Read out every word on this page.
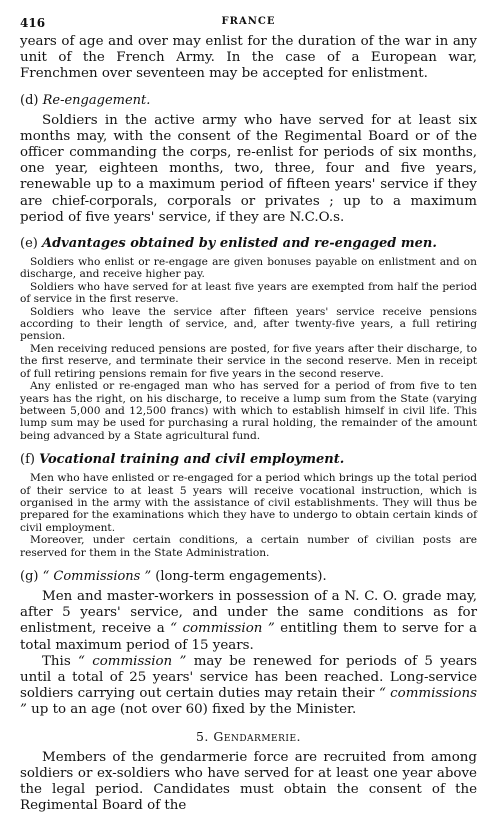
416	FRANCE

years of age and over may enlist for the duration of the war in any unit of the French Army. In the case of a European war, Frenchmen over seventeen may be accepted for enlistment.

(d) Re-engagement.

Soldiers in the active army who have served for at least six months may, with the consent of the Regimental Board or of the officer commanding the corps, re-enlist for periods of six months, one year, eighteen months, two, three, four and five years, renewable up to a maximum period of fifteen years' service if they are chief-corporals, corporals or privates ; up to a maximum period of five years' service, if they are N.C.O.s.

(e) Advantages obtained by enlisted and re-engaged men.

Soldiers who enlist or re-engage are given bonuses payable on enlistment and on discharge, and receive higher pay.

Soldiers who have served for at least five years are exempted from half the period of service in the first reserve.

Soldiers who leave the service after fifteen years' service receive pensions according to their length of service, and, after twenty-five years, a full retiring pension.

Men receiving reduced pensions are posted, for five years after their discharge, to the first reserve, and terminate their service in the second reserve. Men in receipt of full retiring pensions remain for five years in the second reserve.

Any enlisted or re-engaged man who has served for a period of from five to ten years has the right, on his discharge, to receive a lump sum from the State (varying between 5,000 and 12,500 francs) with which to establish himself in civil life. This lump sum may be used for purchasing a rural holding, the remainder of the amount being advanced by a State agricultural fund.

(f) Vocational training and civil employment.

Men who have enlisted or re-engaged for a period which brings up the total period of their service to at least 5 years will receive vocational instruction, which is organised in the army with the assistance of civil establishments. They will thus be prepared for the examinations which they have to undergo to obtain certain kinds of civil employment.

Moreover, under certain conditions, a certain number of civilian posts are reserved for them in the State Administration.

(g) “ Commissions ” (long-term engagements).

Men and master-workers in possession of a N. C. O. grade may, after 5 years' service, and under the same conditions as for enlistment, receive a “ commission ” entitling them to serve for a total maximum period of 15 years.

This “ commission ” may be renewed for periods of 5 years until a total of 25 years' service has been reached. Long-service soldiers carrying out certain duties may retain their “ commissions ” up to an age (not over 60) fixed by the Minister.

5. Gendarmerie.

Members of the gendarmerie force are recruited from among soldiers or ex-soldiers who have served for at least one year above the legal period. Candidates must obtain the consent of the Regimental Board of the
